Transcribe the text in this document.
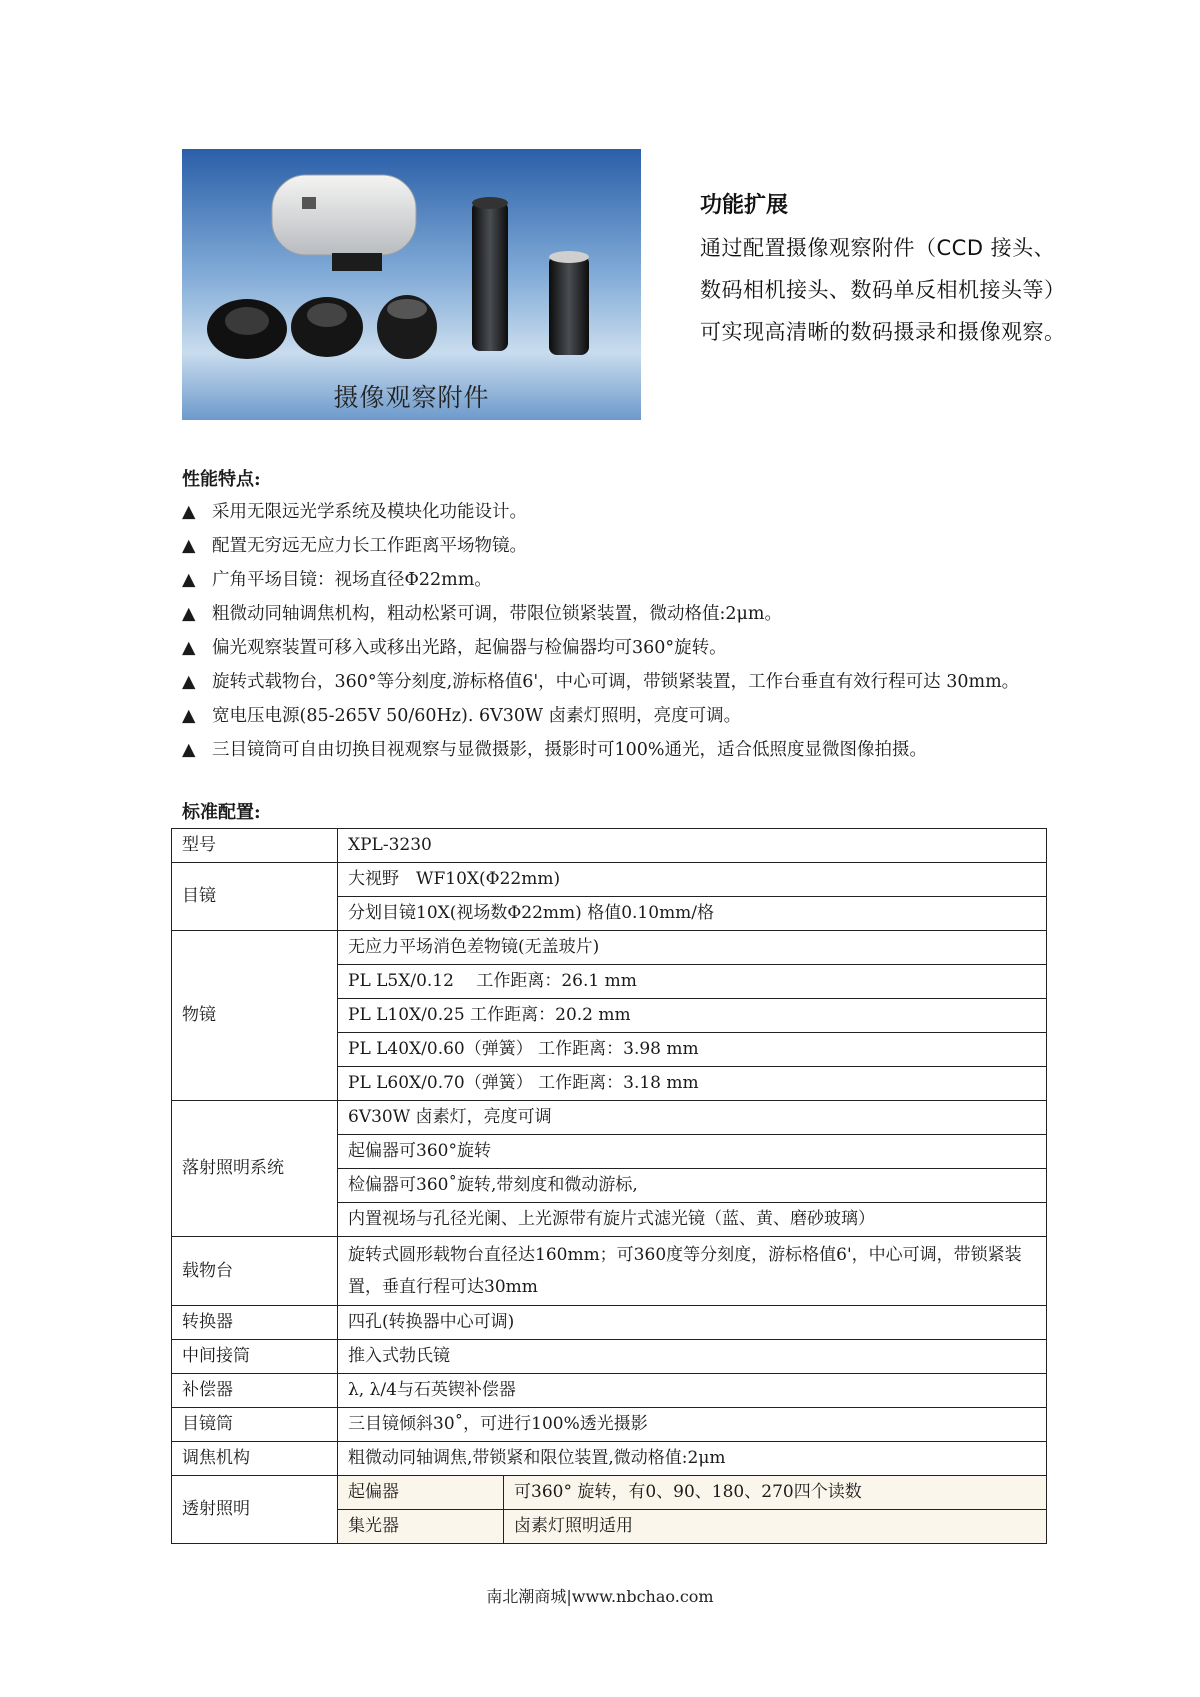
摄像观察附件
功能扩展

通过配置摄像观察附件（CCD 接头、

数码相机接头、数码单反相机接头等）

可实现高清晰的数码摄录和摄像观察。

性能特点:
▲ 采用无限远光学系统及模块化功能设计。
▲ 配置无穷远无应力长工作距离平场物镜。
▲ 广角平场目镜：视场直径Φ22mm。
▲ 粗微动同轴调焦机构，粗动松紧可调，带限位锁紧装置，微动格值:2μm。
▲ 偏光观察装置可移入或移出光路，起偏器与检偏器均可360°旋转。
▲ 旋转式载物台，360°等分刻度,游标格值6'，中心可调，带锁紧装置，工作台垂直有效行程可达 30mm。
▲ 宽电压电源(85-265V 50/60Hz). 6V30W 卤素灯照明，亮度可调。
▲ 三目镜筒可自由切换目视观察与显微摄影，摄影时可100%通光，适合低照度显微图像拍摄。
标准配置:
型号	XPL-3230	
目镜	大视野　WF10X(Φ22mm)	
	分划目镜10X(视场数Φ22mm) 格值0.10mm/格	
物镜	无应力平场消色差物镜(无盖玻片)	
	PL L5X/0.12　 工作距离：26.1 mm	
	PL L10X/0.25 工作距离：20.2 mm	
	PL L40X/0.60（弹簧） 工作距离：3.98 mm	
	PL L60X/0.70（弹簧） 工作距离：3.18 mm	
落射照明系统	6V30W 卤素灯，亮度可调	
	起偏器可360°旋转	
	检偏器可360˚旋转,带刻度和微动游标,	
	内置视场与孔径光阑、上光源带有旋片式滤光镜（蓝、黄、磨砂玻璃）	
载物台	旋转式圆形载物台直径达160mm；可360度等分刻度，游标格值6'，中心可调，带锁紧装置，垂直行程可达30mm	
转换器	四孔(转换器中心可调)	
中间接筒	推入式勃氏镜	
补偿器	λ, λ/4与石英锲补偿器	
目镜筒	三目镜倾斜30˚，可进行100%透光摄影	
调焦机构	粗微动同轴调焦,带锁紧和限位装置,微动格值:2μm	
透射照明	起偏器	可360° 旋转，有0、90、180、270四个读数
	集光器	卤素灯照明适用
南北潮商城|www.nbchao.com
